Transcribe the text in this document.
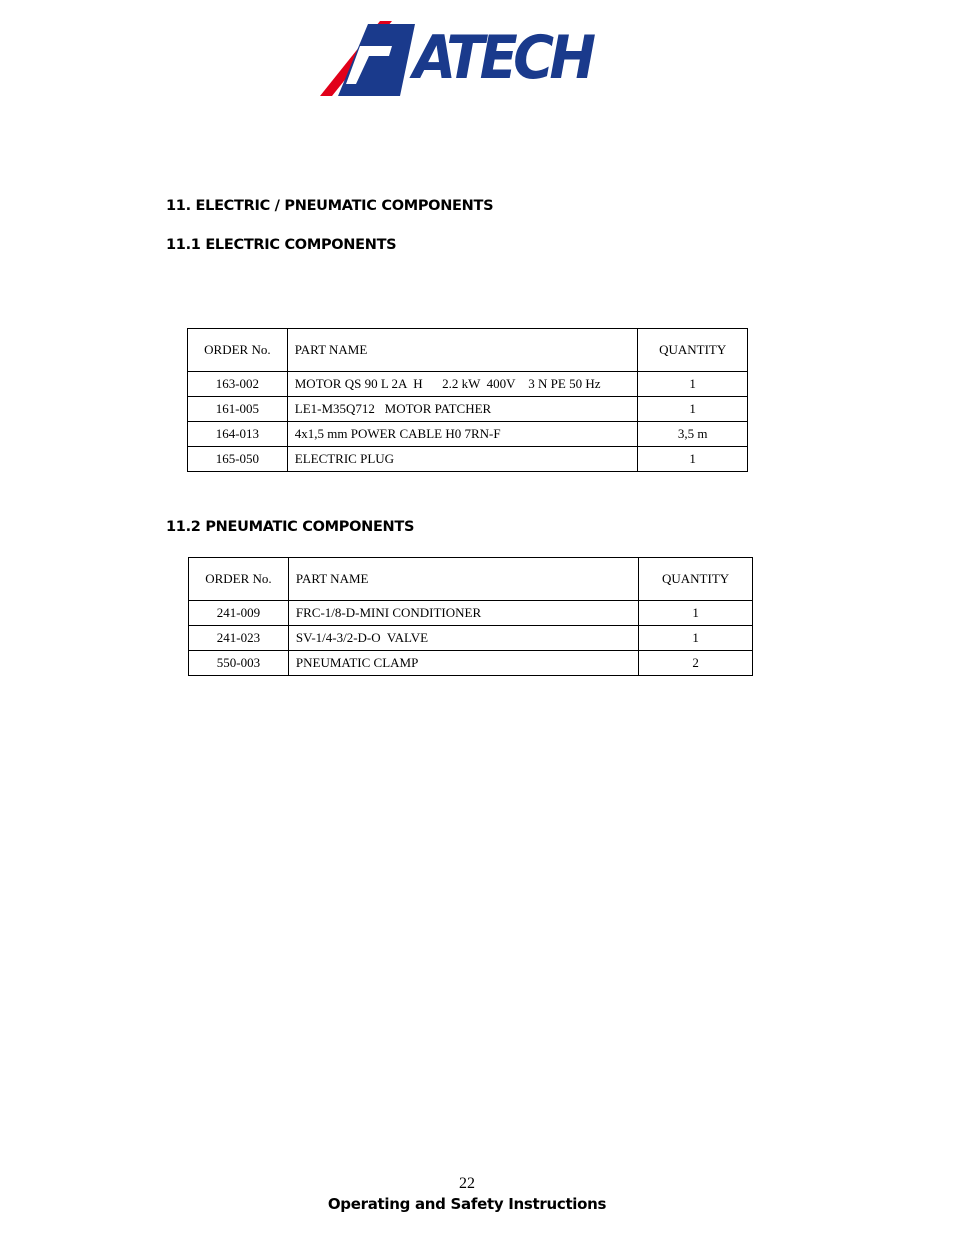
ATECH
11. ELECTRIC / PNEUMATIC COMPONENTS
11.1 ELECTRIC COMPONENTS
ORDER No.	PART NAME	QUANTITY
163-002	MOTOR QS 90 L 2A  H      2.2 kW  400V    3 N PE 50 Hz	1
161-005	LE1-M35Q712   MOTOR PATCHER	1
164-013	4x1,5 mm POWER CABLE H0 7RN-F	3,5 m
165-050	ELECTRIC PLUG	1
11.2 PNEUMATIC COMPONENTS
ORDER No.	PART NAME	QUANTITY
241-009	FRC-1/8-D-MINI CONDITIONER	1
241-023	SV-1/4-3/2-D-O  VALVE	1
550-003	PNEUMATIC CLAMP	2
22
Operating and Safety Instructions
